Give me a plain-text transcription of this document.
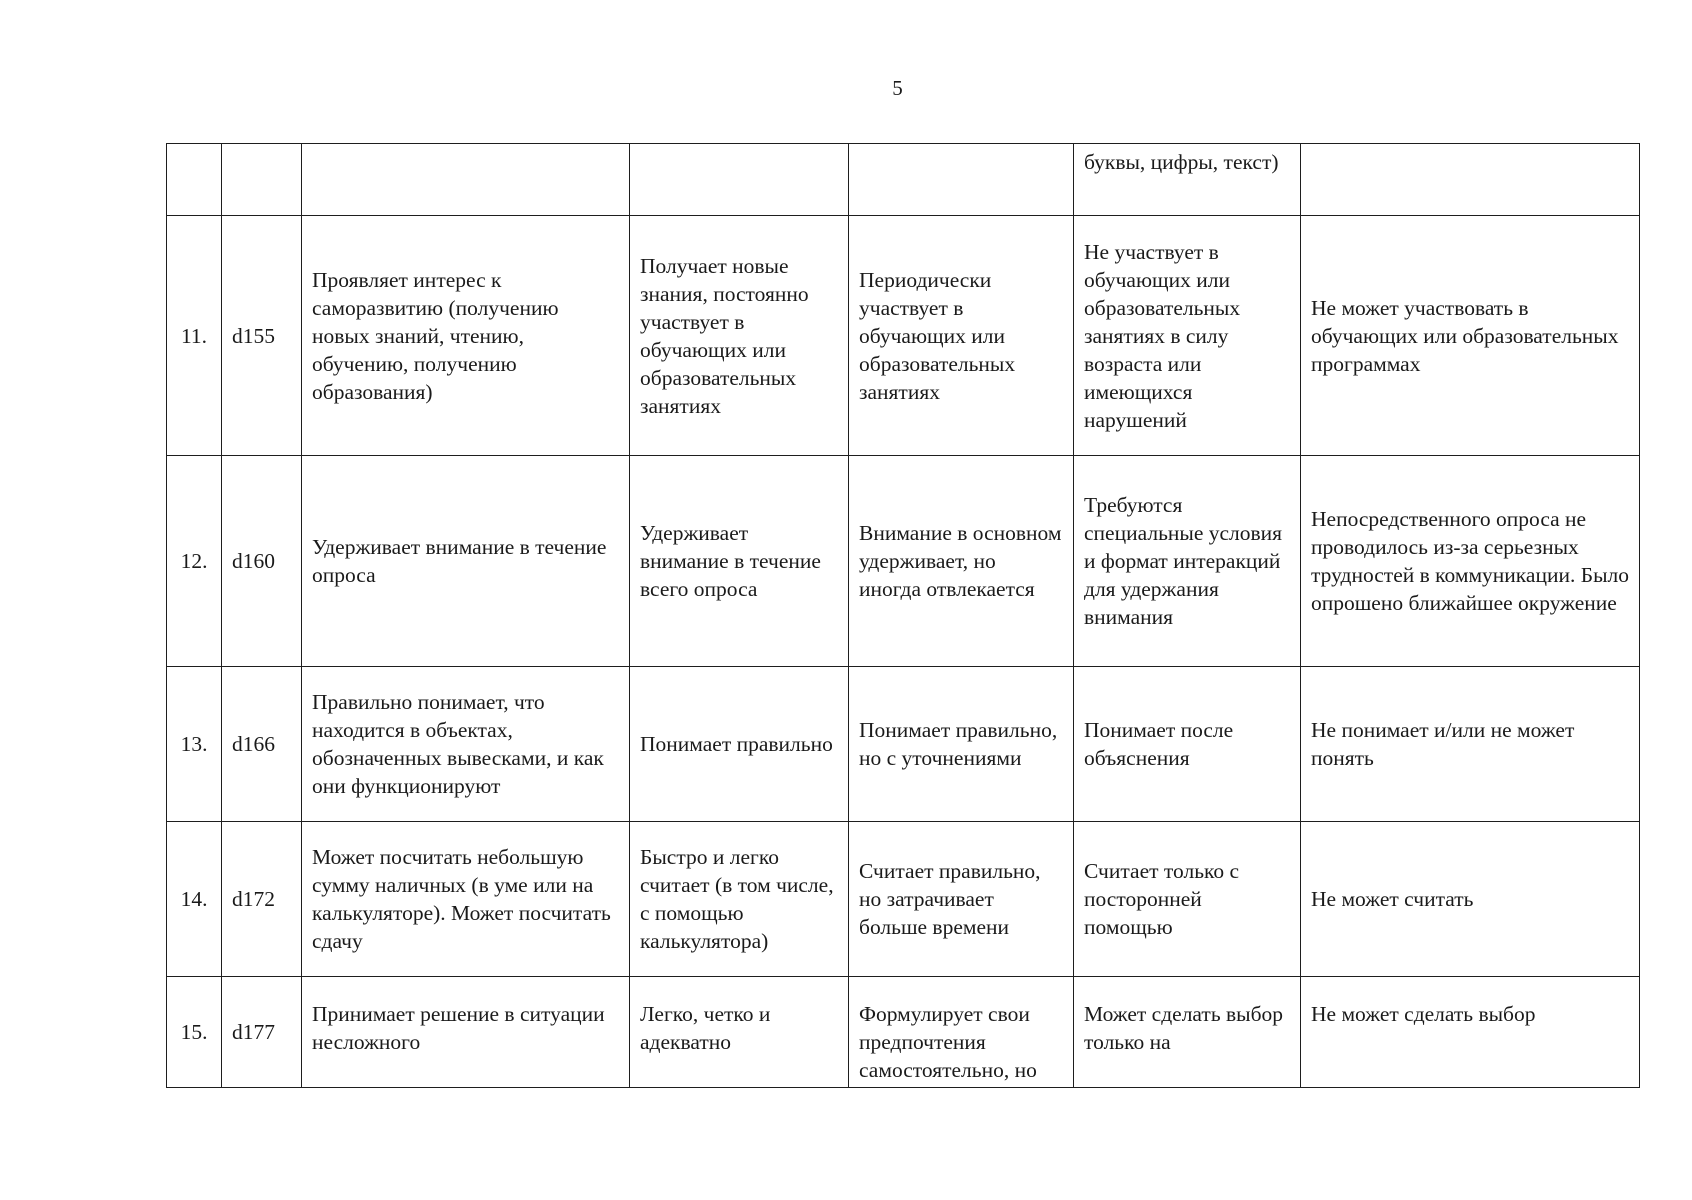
5
					буквы, цифры, текст)	
11.	d155	Проявляет интерес к саморазвитию (получению новых знаний, чтению, обучению, получению образования)	Получает новые знания, постоянно участвует в обучающих или образовательных занятиях	Периодически участвует в обучающих или образовательных занятиях	Не участвует в обучающих или образовательных занятиях в силу возраста или имеющихся нарушений	Не может участвовать в обучающих или образовательных программах
12.	d160	Удерживает внимание в течение опроса	Удерживает внимание в течение всего опроса	Внимание в основном удерживает, но иногда отвлекается	Требуются специальные условия и формат интеракций для удержания внимания	Непосредственного опроса не проводилось из-за серьезных трудностей в коммуникации. Было опрошено ближайшее окружение
13.	d166	Правильно понимает, что находится в объектах, обозначенных вывесками, и как они функционируют	Понимает правильно	Понимает правильно, но с уточнениями	Понимает после объяснения	Не понимает и/или не может понять
14.	d172	Может посчитать небольшую сумму наличных (в уме или на калькуляторе). Может посчитать сдачу	Быстро и легко считает (в том числе, с помощью калькулятора)	Считает правильно, но затрачивает больше времени	Считает только с посторонней помощью	Не может считать
15.	d177	Принимает решение в ситуации несложного	Легко, четко и адекватно	Формулирует свои предпочтения самостоятельно, но	Может сделать выбор только на	Не может сделать выбор
